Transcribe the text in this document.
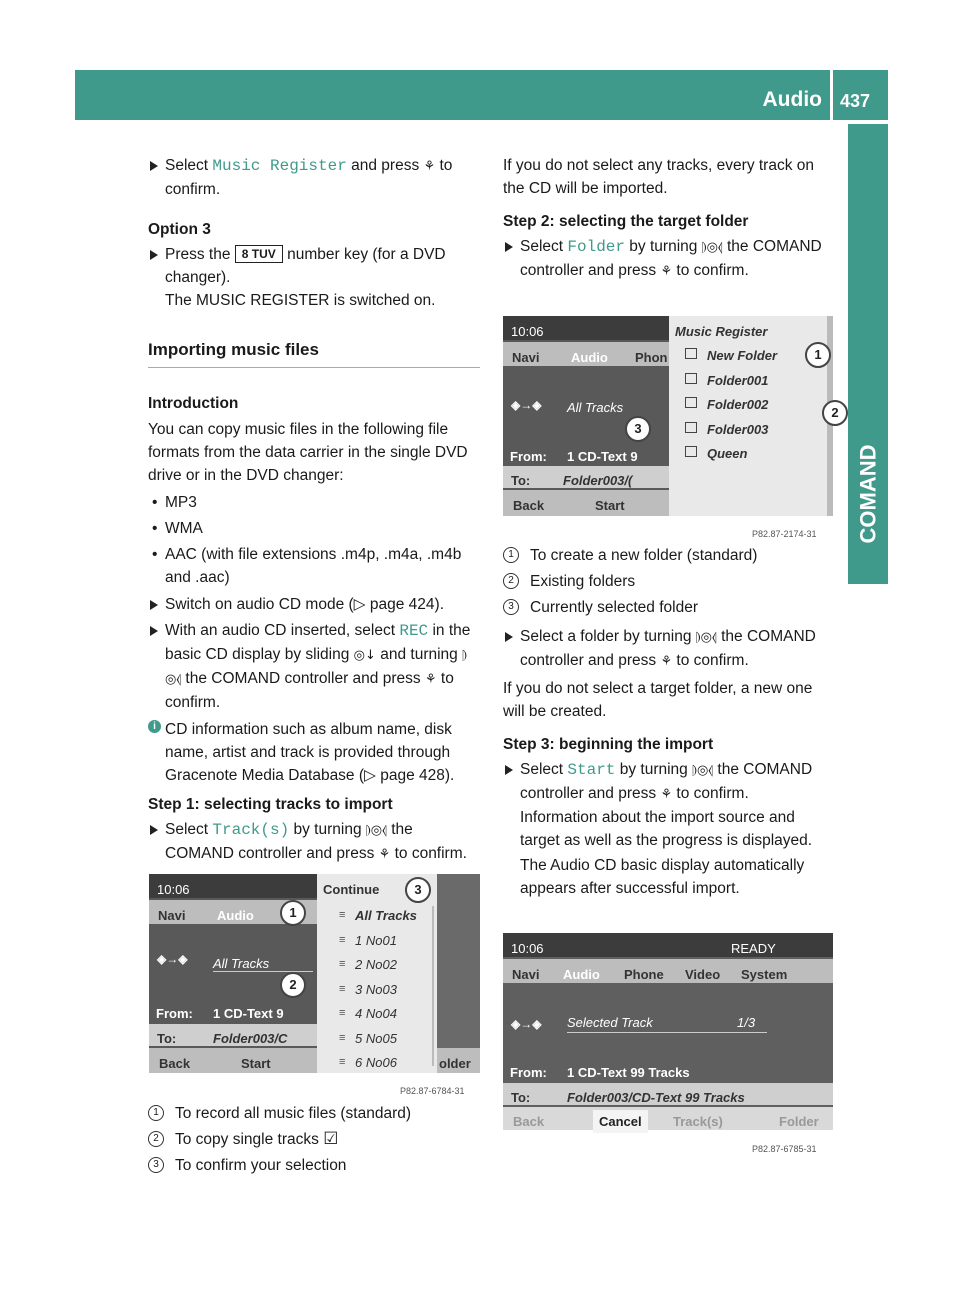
Audio 437
COMAND

Select Music Register and press ⚘ to confirm.

Option 3

Press the 8 TUV number key (for a DVD changer).
The MUSIC REGISTER is switched on.

Importing music files

Introduction

You can copy music files in the following file formats from the data carrier in the single DVD drive or in the DVD changer:

• MP3

• WMA

• AAC (with file extensions .m4p, .m4a, .m4b and .aac)

Switch on audio CD mode (▷ page 424).

With an audio CD inserted, select REC in the basic CD display by sliding ◎↓ and turning ⦈◎⦉ the COMAND controller and press ⚘ to confirm.

i CD information such as album name, disk name, artist and track is provided through Gracenote Media Database (▷ page 428).

Step 1: selecting tracks to import

Select Track(s) by turning ⦈◎⦉ the COMAND controller and press ⚘ to confirm.

10:06
Navi Audio
◈→◈ All Tracks
From: 1 CD-Text 9
To:	Folder003/C
Back	Start
Continue
All Tracks
≡
1 No01
≡
2 No02
≡
3 No03
≡
4 No04
≡
5 No05
≡
6 No06
≡	older
1
2
3
P82.87-6784-31

1	To record all music files (standard)

2	To copy single tracks ☑

3	To confirm your selection

If you do not select any tracks, every track on the CD will be imported.

Step 2: selecting the target folder

Select Folder by turning ⦈◎⦉ the COMAND controller and press ⚘ to confirm.

10:06
Navi Audio Phon
◈→◈ All Tracks
From: 1 CD-Text 9
To:	Folder003/(
Back	Start
Music Register
New Folder
Folder001
Folder002
Folder003
Queen
1
2
3
P82.87-2174-31

1	To create a new folder (standard)

2	Existing folders

3	Currently selected folder

Select a folder by turning ⦈◎⦉ the COMAND controller and press ⚘ to confirm.

If you do not select a target folder, a new one will be created.

Step 3: beginning the import

Select Start by turning ⦈◎⦉ the COMAND controller and press ⚘ to confirm.
Information about the import source and target as well as the progress is displayed.

The Audio CD basic display automatically appears after successful import.

10:06	READY
Navi Audio Phone Video System
◈→◈ Selected Track	1/3
From: 1 CD-Text 99 Tracks
To:	Folder003/CD-Text 99 Tracks
Back	Cancel	Track(s)	Folder
P82.87-6785-31
